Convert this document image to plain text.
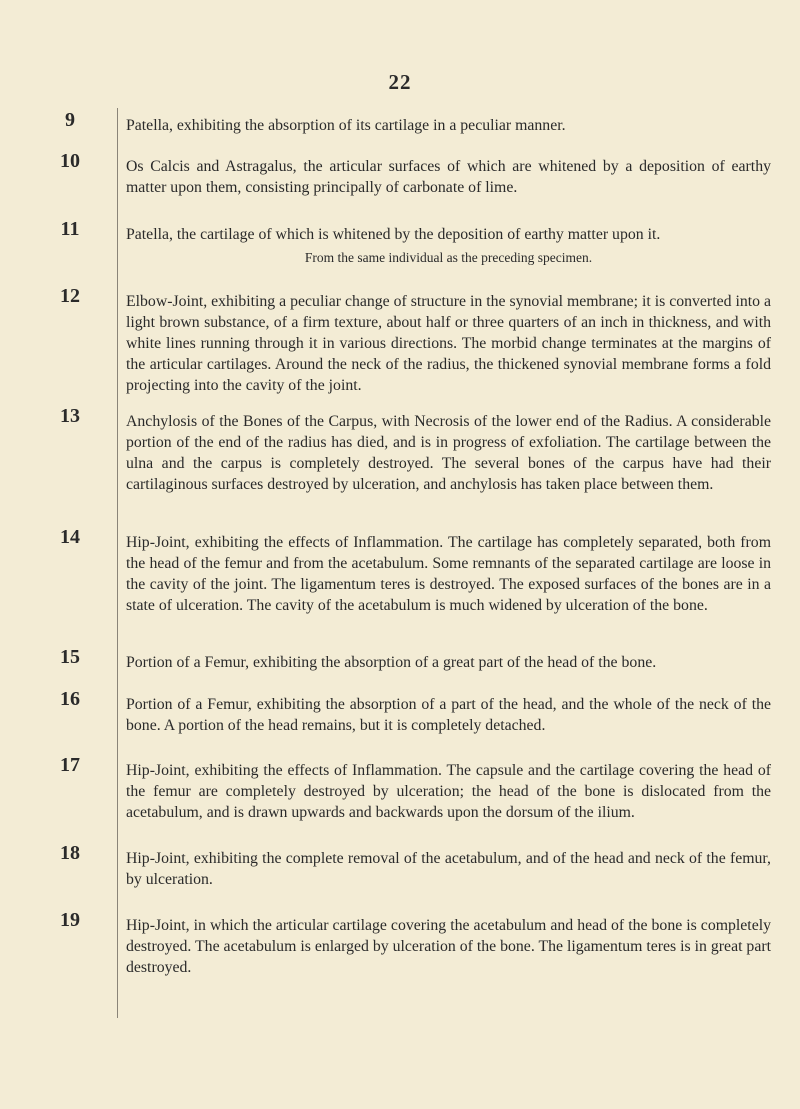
22
9	Patella, exhibiting the absorption of its cartilage in a peculiar manner.
10	Os Calcis and Astragalus, the articular surfaces of which are whitened by a deposition of earthy matter upon them, consisting principally of carbonate of lime.
11	Patella, the cartilage of which is whitened by the deposition of earthy matter upon it.
From the same individual as the preceding specimen.
12	Elbow-Joint, exhibiting a peculiar change of structure in the synovial membrane; it is converted into a light brown substance, of a firm texture, about half or three quarters of an inch in thickness, and with white lines running through it in various directions. The morbid change terminates at the margins of the articular cartilages. Around the neck of the radius, the thickened synovial membrane forms a fold projecting into the cavity of the joint.
13	Anchylosis of the Bones of the Carpus, with Necrosis of the lower end of the Radius. A considerable portion of the end of the radius has died, and is in progress of exfoliation. The cartilage between the ulna and the carpus is completely destroyed. The several bones of the carpus have had their cartilaginous surfaces destroyed by ulceration, and anchylosis has taken place between them.
14	Hip-Joint, exhibiting the effects of Inflammation. The cartilage has completely separated, both from the head of the femur and from the acetabulum. Some remnants of the separated cartilage are loose in the cavity of the joint. The ligamentum teres is destroyed. The exposed surfaces of the bones are in a state of ulceration. The cavity of the acetabulum is much widened by ulceration of the bone.
15	Portion of a Femur, exhibiting the absorption of a great part of the head of the bone.
16	Portion of a Femur, exhibiting the absorption of a part of the head, and the whole of the neck of the bone. A portion of the head remains, but it is completely detached.
17	Hip-Joint, exhibiting the effects of Inflammation. The capsule and the cartilage covering the head of the femur are completely destroyed by ulceration; the head of the bone is dislocated from the acetabulum, and is drawn upwards and backwards upon the dorsum of the ilium.
18	Hip-Joint, exhibiting the complete removal of the acetabulum, and of the head and neck of the femur, by ulceration.
19	Hip-Joint, in which the articular cartilage covering the acetabulum and head of the bone is completely destroyed. The acetabulum is enlarged by ulceration of the bone. The ligamentum teres is in great part destroyed.
